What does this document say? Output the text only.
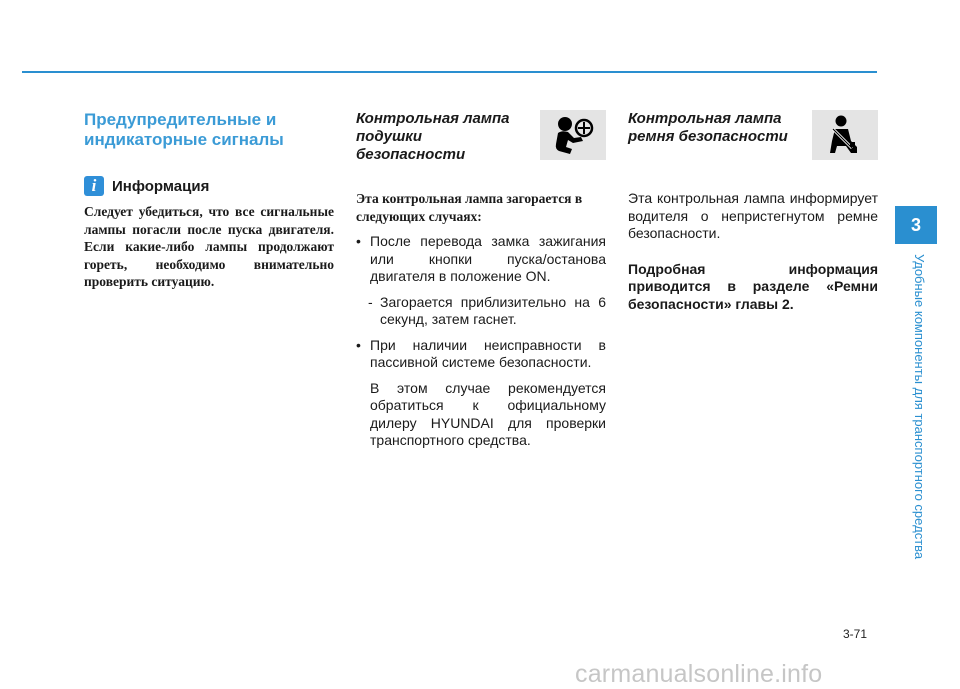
Предупредительные и индикаторные сигналы
i	Информация
Следует убедиться, что все сигнальные лампы погасли после пуска двигателя. Если какие-либо лампы продолжают гореть, необходимо внимательно проверить ситуацию.
Контрольная лампа подушки безопасности
Эта контрольная лампа загорается в следующих случаях:
• После перевода замка зажигания или кнопки пуска/останова двигателя в положение ON.
- Загорается приблизительно на 6 секунд, затем гаснет.
• При наличии неисправности в пассивной системе безопасности.
В этом случае рекомендуется обратиться к официальному дилеру HYUNDAI для проверки транспортного средства.
Контрольная лампа ремня безопасности

Эта контрольная лампа информирует водителя о непристегнутом ремне безопасности.

Подробная информация приводится в разделе «Ремни безопасности» главы 2.

3
Удобные компоненты для транспортного средства
3-71
carmanualsonline.info
